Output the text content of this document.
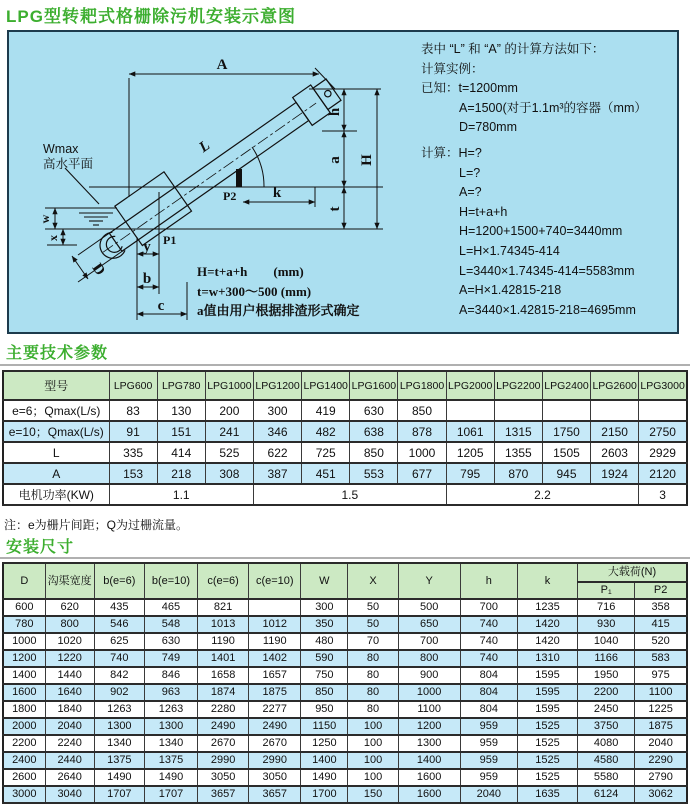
LPG型转耙式格栅除污机安装示意图
A
L
h
a
t
H
k
P2
P1
w
x
y
b
c
D
Wmax
高水平面
H=t+a+h        (mm)
t=w+300～500 (mm)
a值由用户根据排渣形式确定
表中 “L” 和 “A” 的计算方法如下：
计算实例：
已知：t=1200mm
A=1500(对于1.1m³的容器（mm）
D=780mm
计算：H=?
L=?
A=?
H=t+a+h
H=1200+1500+740=3440mm
L=H×1.74345-414
L=3440×1.74345-414=5583mm
A=H×1.42815-218
A=3440×1.42815-218=4695mm
主要技术参数
型号	LPG600	LPG780	LPG1000	LPG1200	LPG1400	LPG1600	LPG1800	LPG2000	LPG2200	LPG2400	LPG2600	LPG3000
e=6；Qmax(L/s)	83	130	200	300	419	630	850					
e=10；Qmax(L/s)	91	151	241	346	482	638	878	1061	1315	1750	2150	2750
L	335	414	525	622	725	850	1000	1205	1355	1505	2603	2929
A	153	218	308	387	451	553	677	795	870	945	1924	2120
电机功率(KW)	1.1			1.5				2.2				3
注：e为栅片间距；Q为过栅流量。
安装尺寸
D	沟渠宽度	b(e=6)	b(e=10)	c(e=6)	c(e=10)	W	X	Y	h	k	大载荷(N)	
											P₁	P2
600	620	435	465	821		300	50	500	700	1235	716	358
780	800	546	548	1013	1012	350	50	650	740	1420	930	415
1000	1020	625	630	1190	1190	480	70	700	740	1420	1040	520
1200	1220	740	749	1401	1402	590	80	800	740	1310	1166	583
1400	1440	842	846	1658	1657	750	80	900	804	1595	1950	975
1600	1640	902	963	1874	1875	850	80	1000	804	1595	2200	1100
1800	1840	1263	1263	2280	2277	950	80	1100	804	1595	2450	1225
2000	2040	1300	1300	2490	2490	1150	100	1200	959	1525	3750	1875
2200	2240	1340	1340	2670	2670	1250	100	1300	959	1525	4080	2040
2400	2440	1375	1375	2990	2990	1400	100	1400	959	1525	4580	2290
2600	2640	1490	1490	3050	3050	1490	100	1600	959	1525	5580	2790
3000	3040	1707	1707	3657	3657	1700	150	1600	2040	1635	6124	3062
